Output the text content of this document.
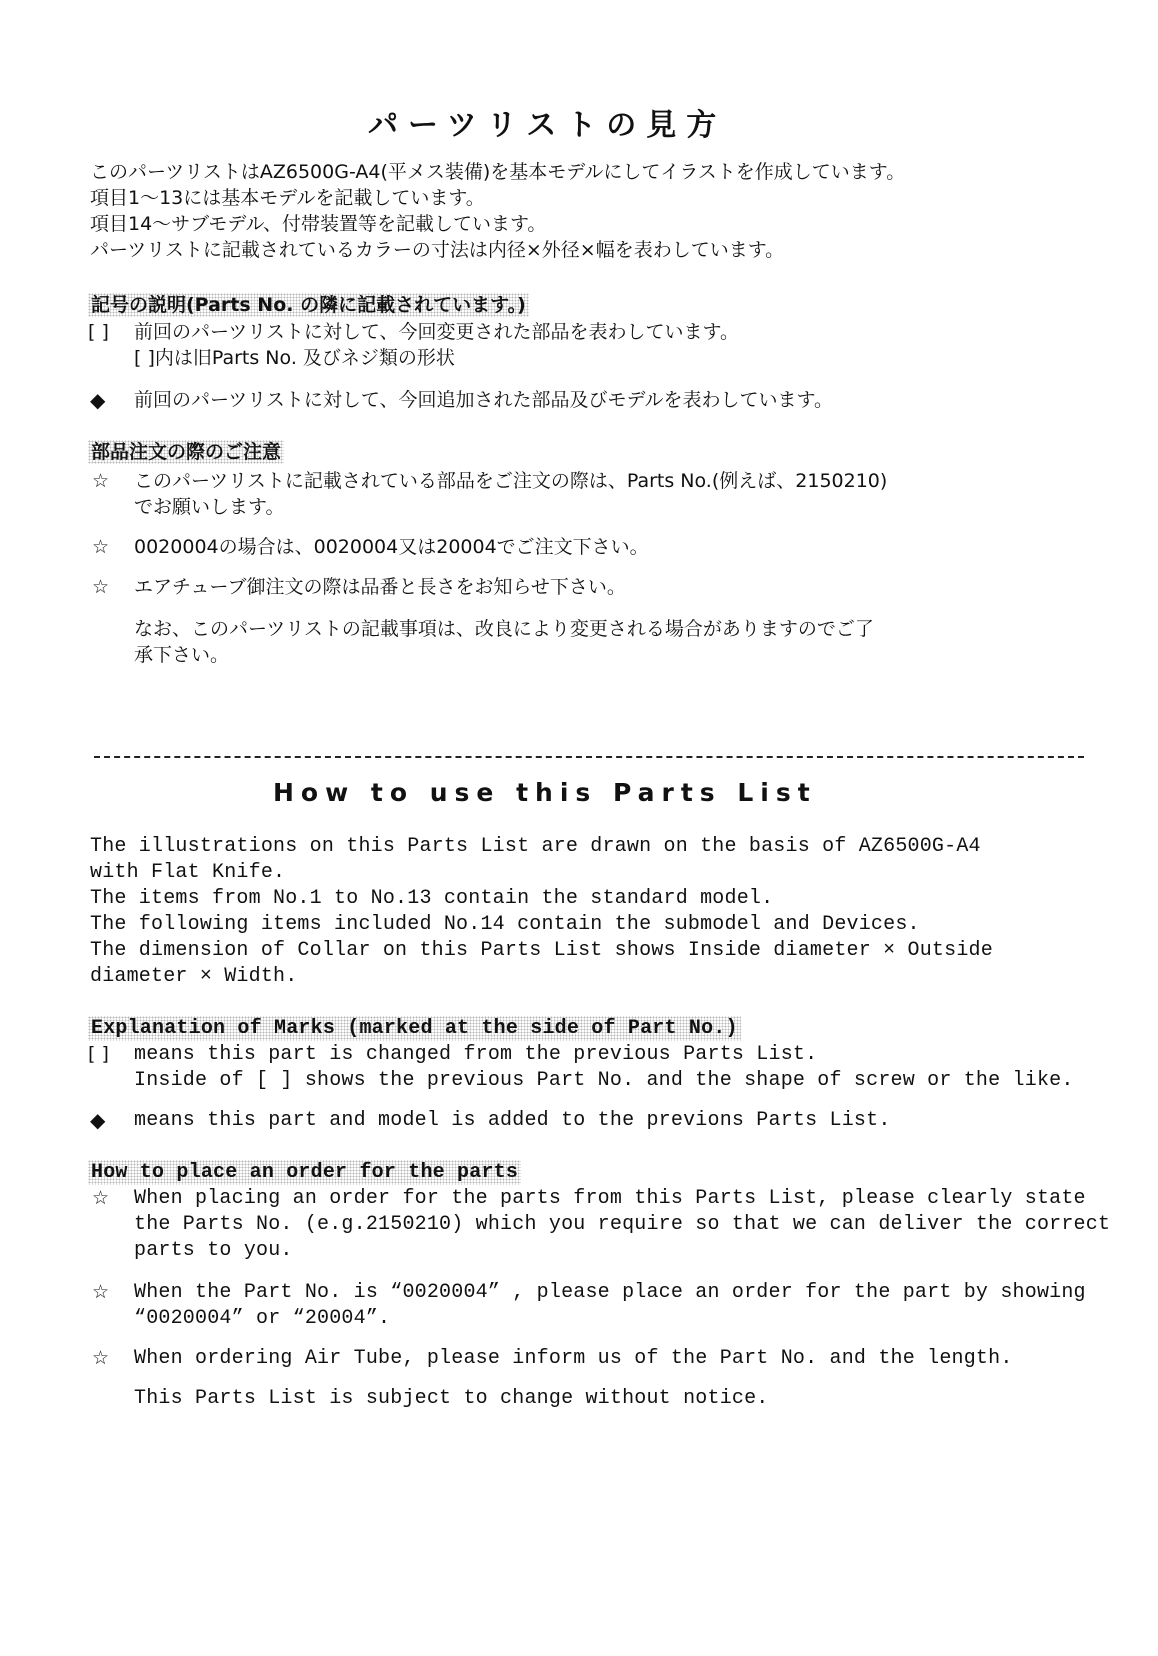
パーツリストの見方
このパーツリストはAZ6500G-A4(平メス装備)を基本モデルにしてイラストを作成しています。
項目1～13には基本モデルを記載しています。
項目14～サブモデル、付帯装置等を記載しています。
パーツリストに記載されているカラーの寸法は内径×外径×幅を表わしています。
記号の説明(Parts No. の隣に記載されています。)
[ ] 前回のパーツリストに対して、今回変更された部品を表わしています。
[ ]内は旧Parts No. 及びネジ類の形状
◆ 前回のパーツリストに対して、今回追加された部品及びモデルを表わしています。
部品注文の際のご注意
☆ このパーツリストに記載されている部品をご注文の際は、Parts No.(例えば、2150210)
でお願いします。
☆ 0020004の場合は、0020004又は20004でご注文下さい。
☆ エアチューブ御注文の際は品番と長さをお知らせ下さい。
なお、このパーツリストの記載事項は、改良により変更される場合がありますのでご了
承下さい。
How to use this Parts List
The illustrations on this Parts List are drawn on the basis of AZ6500G-A4
with Flat Knife.
The items from No.1 to No.13 contain the standard model.
The following items included No.14 contain the submodel and Devices.
The dimension of Collar on this Parts List shows Inside diameter × Outside
diameter × Width.
Explanation of Marks (marked at the side of Part No.)
[ ] means this part is changed from the previous Parts List.
Inside of [ ] shows the previous Part No. and the shape of screw or the like.
◆ means this part and model is added to the previons Parts List.
How to place an order for the parts
☆ When placing an order for the parts from this Parts List, please clearly state
the Parts No. (e.g.2150210) which you require so that we can deliver the correct
parts to you.
☆ When the Part No. is “0020004” , please place an order for the part by showing
“0020004” or “20004”.
☆ When ordering Air Tube, please inform us of the Part No. and the length.
This Parts List is subject to change without notice.
